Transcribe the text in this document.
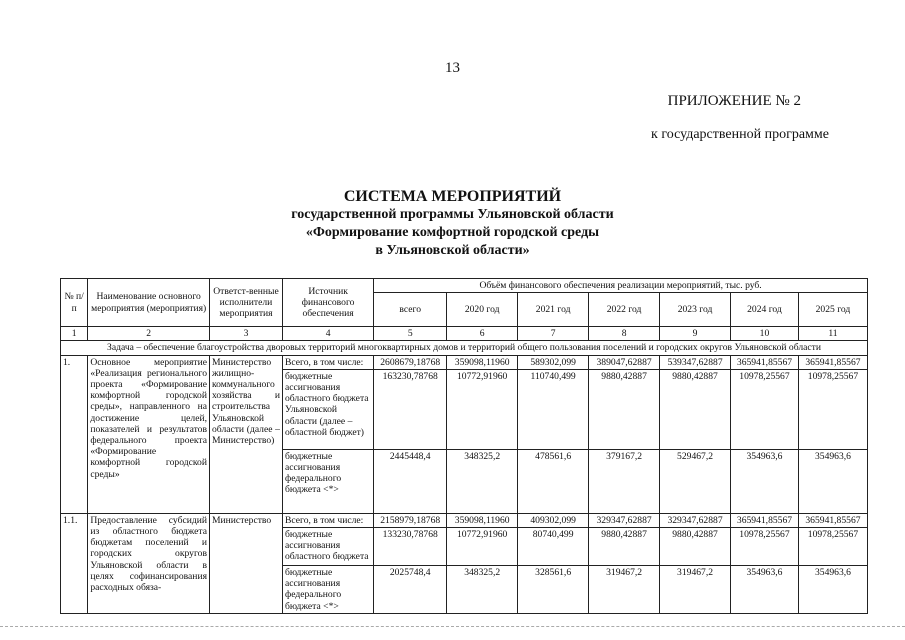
13
ПРИЛОЖЕНИЕ № 2
к государственной программе
СИСТЕМА МЕРОПРИЯТИЙ
государственной программы Ульяновской области
«Формирование комфортной городской среды
в Ульяновской области»
№ п/п	Наименование основного мероприятия (мероприятия)	Ответст-венные исполнители мероприятия	Источник финансового обеспечения	Объём финансового обеспечения реализации мероприятий, тыс. руб.						
				всего	2020 год	2021 год	2022 год	2023 год	2024 год	2025 год
1	2	3	4	5	6	7	8	9	10	11
Задача – обеспечение благоустройства дворовых территорий многоквартирных домов и территорий общего пользования поселений и городских округов Ульяновской области										
1.	Основное мероприятие «Реализация регионального проекта «Формирование комфортной городской среды», направленного на достижение целей, показателей и результатов федерального проекта «Формирование комфортной городской среды»	Министерство жилищно-коммунального хозяйства и строительства Ульяновской области (далее – Министерство)	Всего, в том числе:	2608679,18768	359098,11960	589302,099	389047,62887	539347,62887	365941,85567	365941,85567
			бюджетные ассигнования областного бюджета Ульяновской области (далее – областной бюджет)	163230,78768	10772,91960	110740,499	9880,42887	9880,42887	10978,25567	10978,25567
			бюджетные ассигнования федерального бюджета <*>	2445448,4	348325,2	478561,6	379167,2	529467,2	354963,6	354963,6
1.1.	Предоставление субсидий из областного бюджета бюджетам поселений и городских округов Ульяновской области в целях софинансирования расходных обяза-	Министерство	Всего, в том числе:	2158979,18768	359098,11960	409302,099	329347,62887	329347,62887	365941,85567	365941,85567
			бюджетные ассигнования областного бюджета	133230,78768	10772,91960	80740,499	9880,42887	9880,42887	10978,25567	10978,25567
			бюджетные ассигнования федерального бюджета <*>	2025748,4	348325,2	328561,6	319467,2	319467,2	354963,6	354963,6
